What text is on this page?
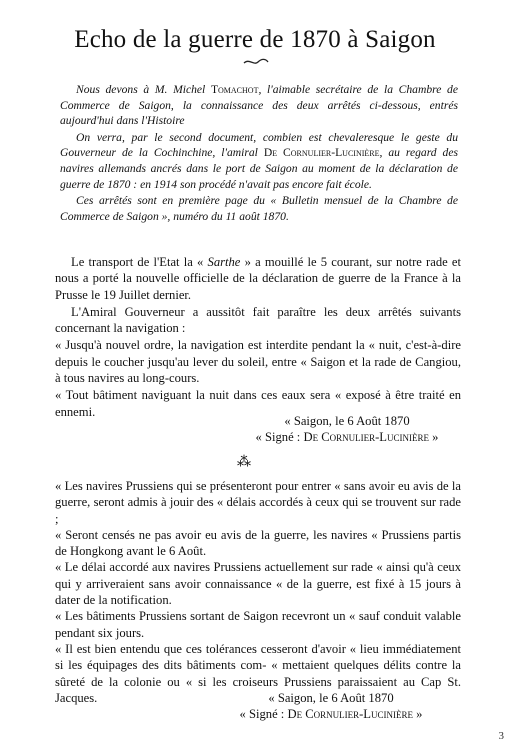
Echo de la guerre de 1870 à Saigon

Nous devons à M. Michel Tomachot, l'aimable secrétaire de la Chambre de Commerce de Saigon, la connaissance des deux arrêtés ci-dessous, entrés aujourd'hui dans l'Histoire

On verra, par le second document, combien est chevaleresque le geste du Gouverneur de la Cochinchine, l'amiral De Cornulier-Lucinière, au regard des navires allemands ancrés dans le port de Saigon au moment de la déclaration de guerre de 1870 : en 1914 son procédé n'avait pas encore fait école.

Ces arrêtés sont en première page du « Bulletin mensuel de la Chambre de Commerce de Saigon », numéro du 11 août 1870.

Le transport de l'Etat la « Sarthe » a mouillé le 5 courant, sur notre rade et nous a porté la nouvelle officielle de la déclaration de guerre de la France à la Prusse le 19 Juillet dernier.

L'Amiral Gouverneur a aussitôt fait paraître les deux arrêtés suivants concernant la navigation :

« Jusqu'à nouvel ordre, la navigation est interdite pendant la « nuit, c'est-à-dire depuis le coucher jusqu'au lever du soleil, entre « Saigon et la rade de Cangiou, à tous navires au long-cours.

« Tout bâtiment naviguant la nuit dans ces eaux sera « exposé à être traité en ennemi.

« Saigon, le 6 Août 1870
« Signé : De Cornulier-Lucinière »
⁂

« Les navires Prussiens qui se présenteront pour entrer « sans avoir eu avis de la guerre, seront admis à jouir des « délais accordés à ceux qui se trouvent sur rade ;

« Seront censés ne pas avoir eu avis de la guerre, les navires « Prussiens partis de Hongkong avant le 6 Août.

« Le délai accordé aux navires Prussiens actuellement sur rade « ainsi qu'à ceux qui y arriveraient sans avoir connaissance « de la guerre, est fixé à 15 jours à dater de la notification.

« Les bâtiments Prussiens sortant de Saigon recevront un « sauf conduit valable pendant six jours.

« Il est bien entendu que ces tolérances cesseront d'avoir « lieu immédiatement si les équipages des dits bâtiments com- « mettaient quelques délits contre la sûreté de la colonie ou « si les croiseurs Prussiens paraissaient au Cap St. Jacques.	« Saigon, le 6 Août 1870
« Signé : De Cornulier-Lucinière »
3
